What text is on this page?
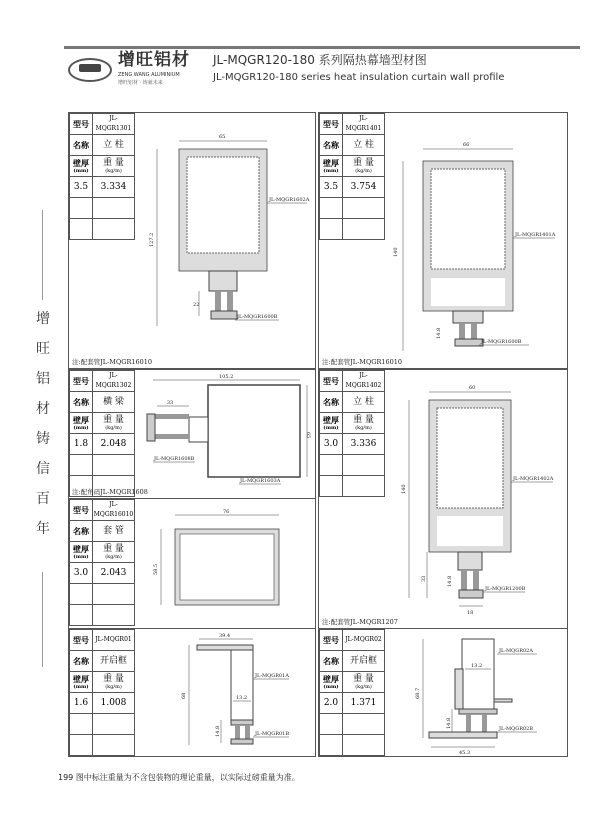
增旺铝材
ZENG WANG ALUMINIUM
增旺铝材 · 铸就未来
JL-MQGR120-180 系列隔热幕墙型材图
JL-MQGR120-180 series heat insulation curtain wall profile
增
旺
铝
材
铸
信
百
年
型号	JL-MQGR1301
名称	立 柱
壁厚
(mm)	重 量
(kg/m)

3.5	3.334

65
127.2
22
JL-MQGR1602A
JL-MQGR1600B
注:配套管JL-MQGR16010
型号	JL-MQGR1401
名称	立 柱
壁厚
(mm)	重 量
(kg/m)

3.5	3.754

66
140
14.8
JL-MQGR1401A
JL-MQGR1600B
注:配套管JL-MQGR16010
型号	JL-MQGR1302
名称	横 梁
壁厚
(mm)	重 量
(kg/m)

1.8	2.048

105.2
33
65
JL-MQGR1608B
JL-MQGR1603A
注:配角码JL-MQGR1608
型号	JL-MQGR1402
名称	立 柱
壁厚
(mm)	重 量
(kg/m)

3.0	3.336

60
140
33	14.8
18
JL-MQGR1402A
JL-MQGR1200B
注:配套管JL-MQGR1207
型号	JL-MQGR16010
名称	套 管
壁厚
(mm)	重 量
(kg/m)

3.0	2.043

76
58.5
型号	JL-MQGR01
名称	开启框
壁厚
(mm)	重 量
(kg/m)

1.6	1.008

39.4
68	13.2
14.8
JL-MQGR01A
JL-MQGR01B
型号	JL-MQGR02
名称	开启框
壁厚
(mm)	重 量
(kg/m)

2.0	1.371

68.7
13.2
14.8
45.3
JL-MQGR02A
JL-MQGR02B
199 图中标注重量为不含包装物的理论重量，以实际过磅重量为准。
